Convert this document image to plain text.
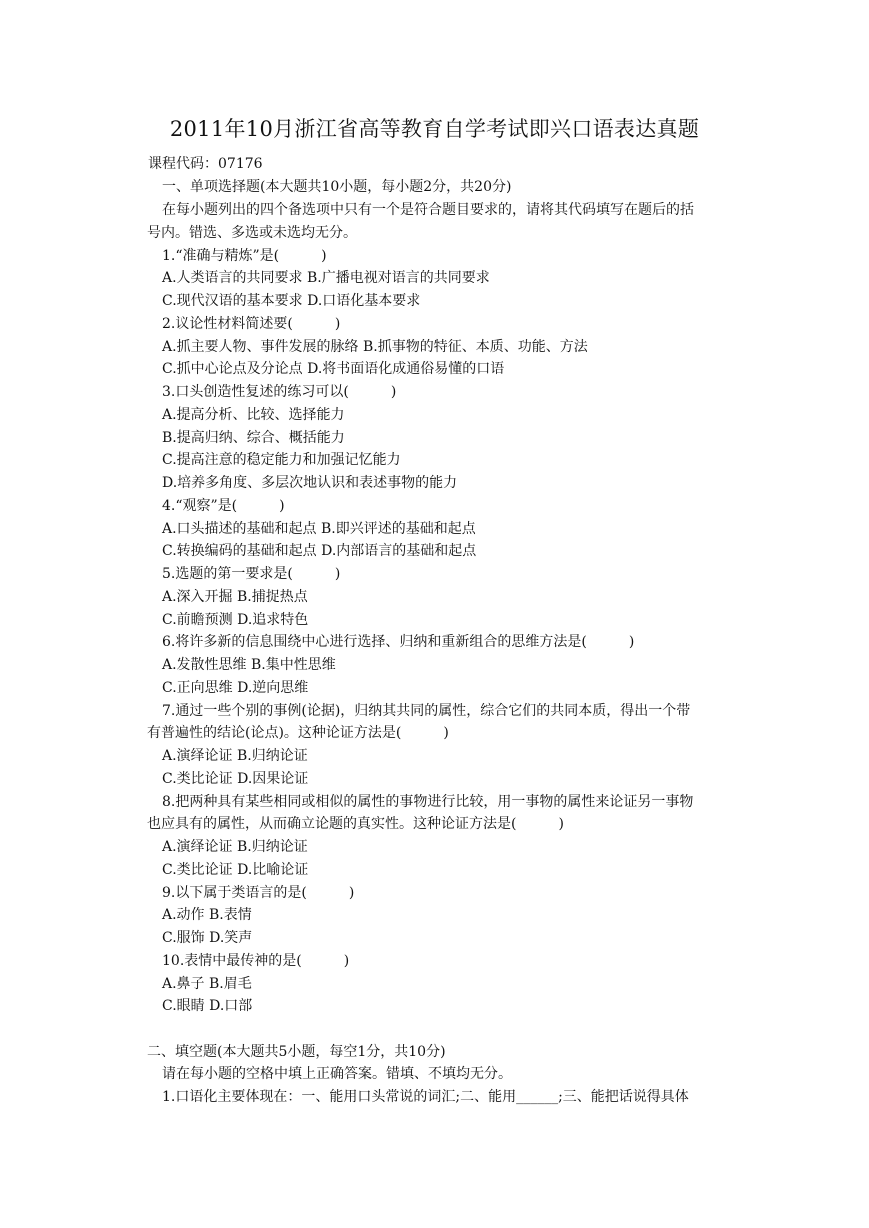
2011年10月浙江省高等教育自学考试即兴口语表达真题
课程代码：07176
一、单项选择题(本大题共10小题，每小题2分，共20分)
在每小题列出的四个备选项中只有一个是符合题目要求的，请将其代码填写在题后的括
号内。错选、多选或未选均无分。
1.“准确与精炼”是(　　　)
A.人类语言的共同要求 B.广播电视对语言的共同要求
C.现代汉语的基本要求 D.口语化基本要求
2.议论性材料简述要(　　　)
A.抓主要人物、事件发展的脉络 B.抓事物的特征、本质、功能、方法
C.抓中心论点及分论点 D.将书面语化成通俗易懂的口语
3.口头创造性复述的练习可以(　　　)
A.提高分析、比较、选择能力
B.提高归纳、综合、概括能力
C.提高注意的稳定能力和加强记忆能力
D.培养多角度、多层次地认识和表述事物的能力
4.“观察”是(　　　)
A.口头描述的基础和起点 B.即兴评述的基础和起点
C.转换编码的基础和起点 D.内部语言的基础和起点
5.选题的第一要求是(　　　)
A.深入开掘 B.捕捉热点
C.前瞻预测 D.追求特色
6.将许多新的信息围绕中心进行选择、归纳和重新组合的思维方法是(　　　)
A.发散性思维 B.集中性思维
C.正向思维 D.逆向思维
7.通过一些个别的事例(论据)，归纳其共同的属性，综合它们的共同本质，得出一个带
有普遍性的结论(论点)。这种论证方法是(　　　)
A.演绎论证 B.归纳论证
C.类比论证 D.因果论证
8.把两种具有某些相同或相似的属性的事物进行比较，用一事物的属性来论证另一事物
也应具有的属性，从而确立论题的真实性。这种论证方法是(　　　)
A.演绎论证 B.归纳论证
C.类比论证 D.比喻论证
9.以下属于类语言的是(　　　)
A.动作 B.表情
C.服饰 D.笑声
10.表情中最传神的是(　　　)
A.鼻子 B.眉毛
C.眼睛 D.口部
二、填空题(本大题共5小题，每空1分，共10分)
请在每小题的空格中填上正确答案。错填、不填均无分。
1.口语化主要体现在：一、能用口头常说的词汇;二、能用______;三、能把话说得具体
